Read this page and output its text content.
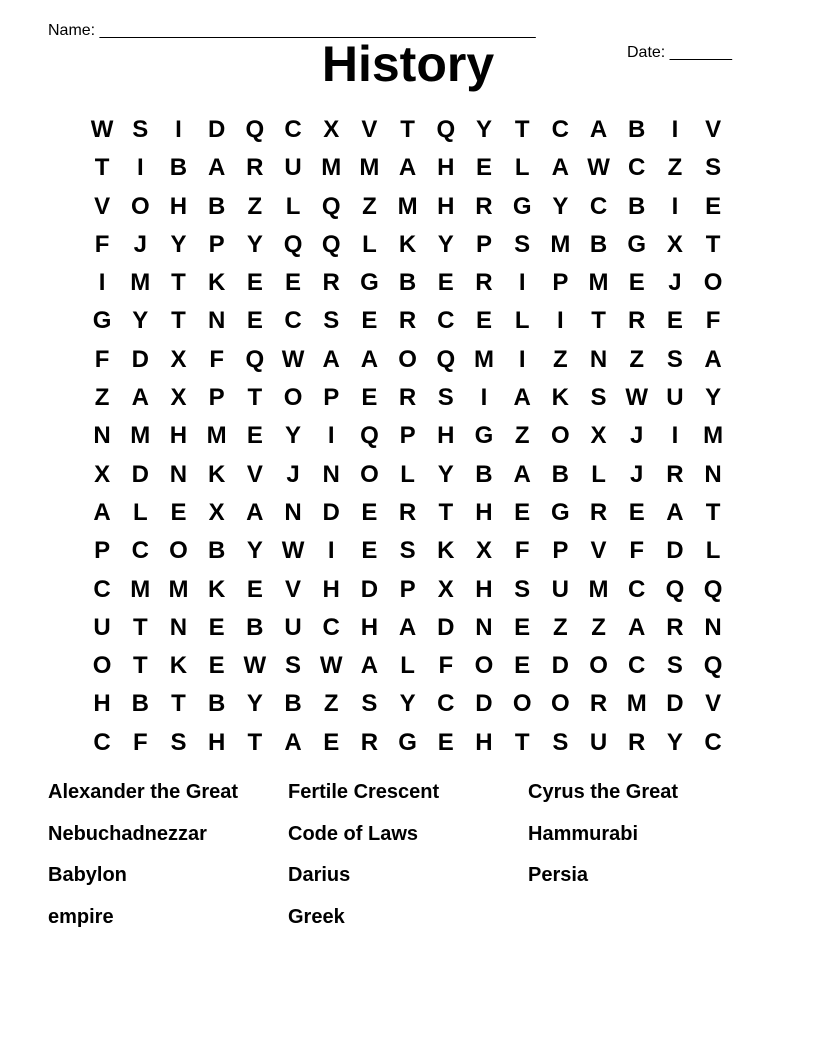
Name: _________________________________________________

Date: _______

History
W S	I	D Q C X V T Q Y T C A B	I	V
T	I	B A R U M M A H E L A W C Z S
V O H B Z L Q Z M H R G Y C B	I	E
F	J Y P Y Q Q L K Y P S M B G X T
I	M T K E E R G B E R	I	P M E J O
G Y T N E C S E R C E L	I	T R E F
F D X F Q W A A O Q M	I	Z N Z S A
Z A X P T O P E R S	I	A K S W U Y
N M H M E Y	I	Q P H G Z O X J	I	M
X D N K V J N O L Y B A B L	J R N
A L E X A N D E R T H E G R E A T
P C O B Y W I	E S K X F P V F D L
C M M K E V H D P X H S U M C Q Q
U T N E B U C H A D N E Z Z A R N
O T K E W S W A L F O E D O C S Q
H B T B Y B Z S Y C D O O R M D V
C F S H T A E R G E H T S U R Y C
Alexander the Great	Fertile Crescent	Cyrus the Great
Nebuchadnezzar	Code of Laws	Hammurabi
Babylon	Darius	Persia
empire	Greek
